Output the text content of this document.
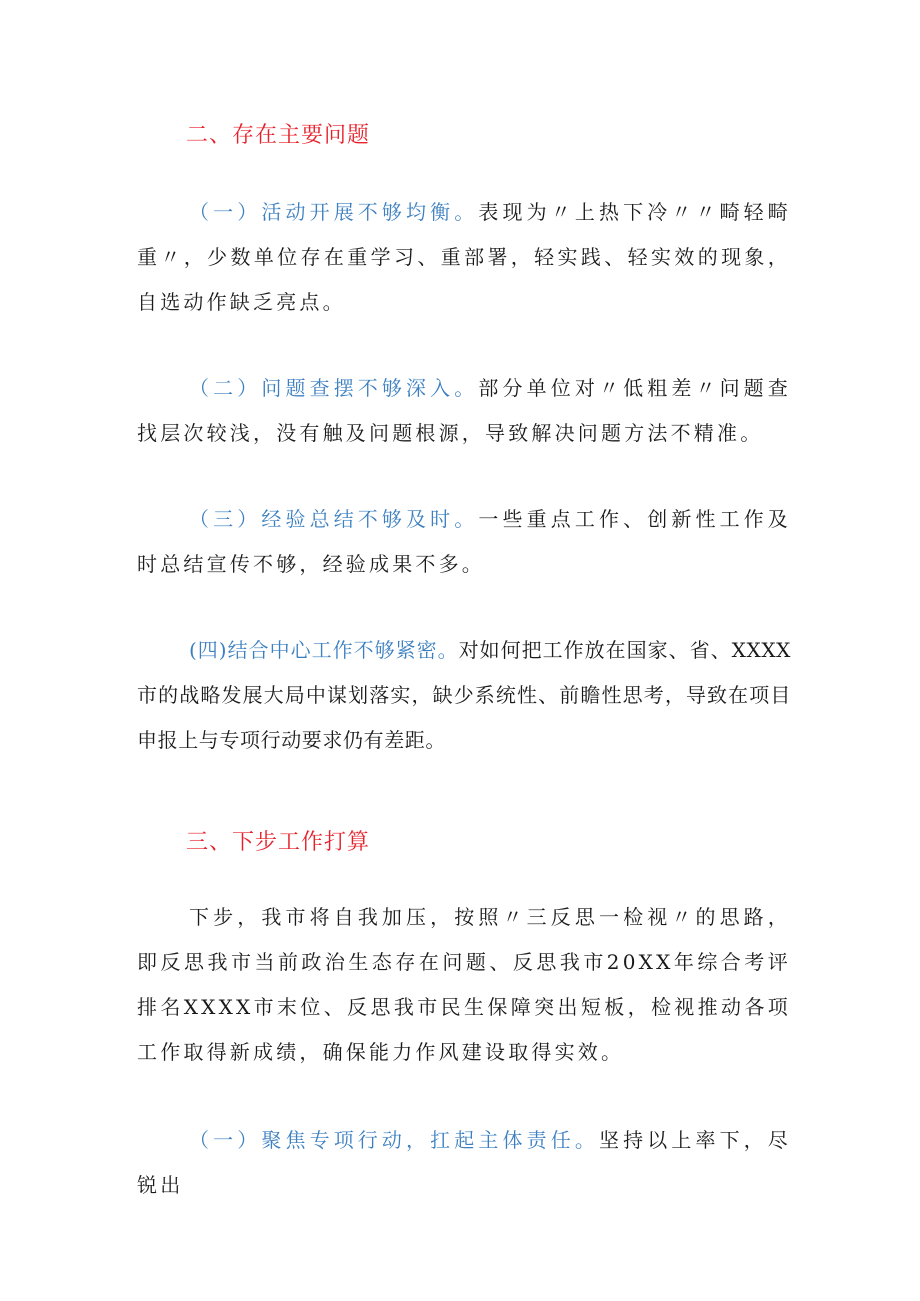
二、存在主要问题

（一）活动开展不够均衡。表现为〃上热下冷〃〃畸轻畸重〃，少数单位存在重学习、重部署，轻实践、轻实效的现象，自选动作缺乏亮点。

（二）问题查摆不够深入。部分单位对〃低粗差〃问题查找层次较浅，没有触及问题根源，导致解决问题方法不精准。

（三）经验总结不够及时。一些重点工作、创新性工作及时总结宣传不够，经验成果不多。

(四)结合中心工作不够紧密。对如何把工作放在国家、省、XXXX市的战略发展大局中谋划落实，缺少系统性、前瞻性思考，导致在项目申报上与专项行动要求仍有差距。

三、下步工作打算

下步，我市将自我加压，按照〃三反思一检视〃的思路，即反思我市当前政治生态存在问题、反思我市20XX年综合考评排名XXXX市末位、反思我市民生保障突出短板，检视推动各项工作取得新成绩，确保能力作风建设取得实效。

（一）聚焦专项行动，扛起主体责任。坚持以上率下，尽锐出
